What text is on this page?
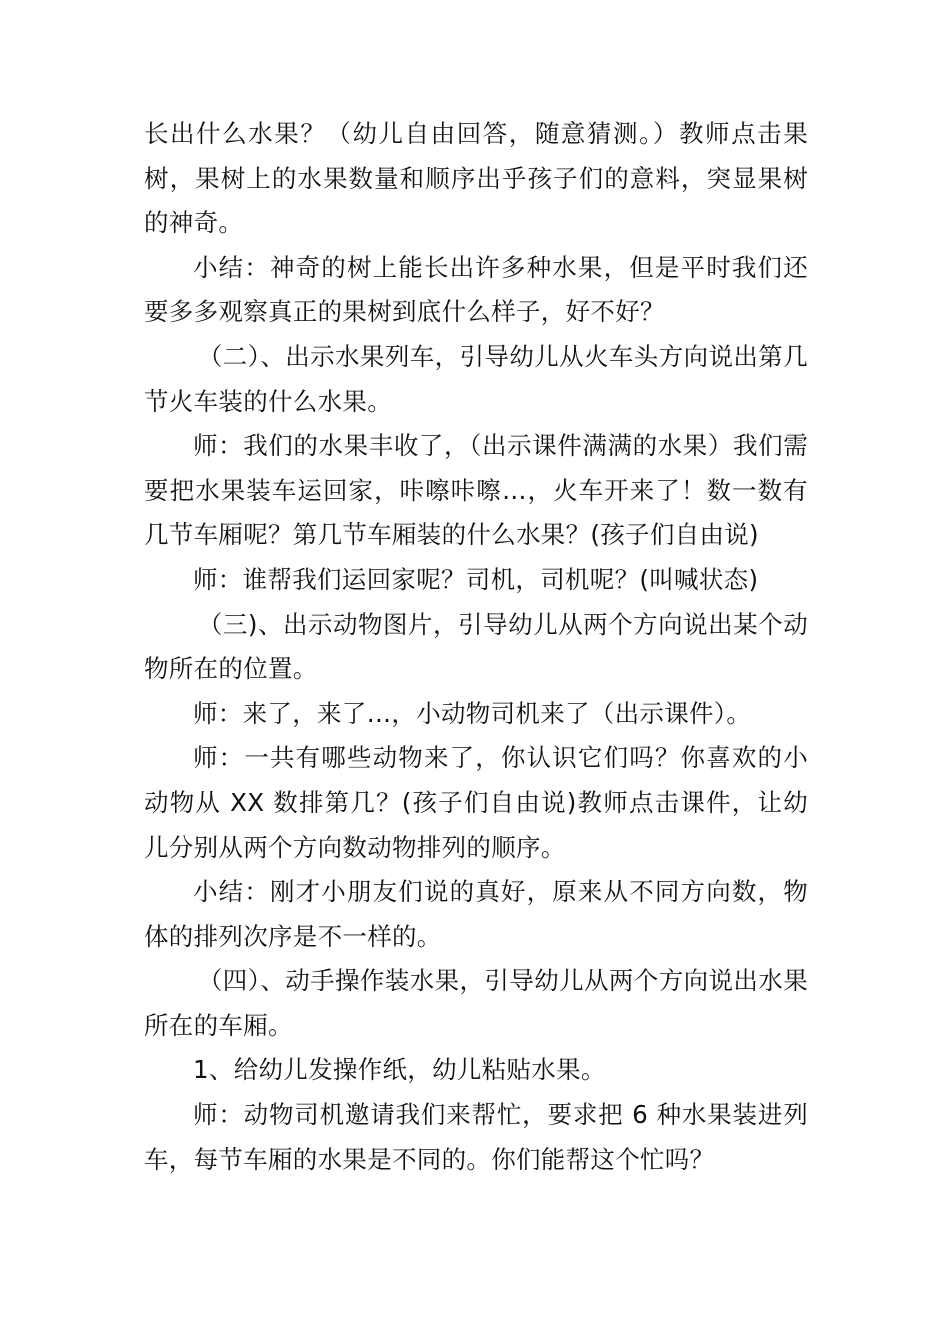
长出什么水果？（幼儿自由回答，随意猜测。）教师点击果树，果树上的水果数量和顺序出乎孩子们的意料，突显果树的神奇。

小结：神奇的树上能长出许多种水果，但是平时我们还要多多观察真正的果树到底什么样子，好不好？

（二）、出示水果列车，引导幼儿从火车头方向说出第几节火车装的什么水果。

师：我们的水果丰收了，（出示课件满满的水果）我们需要把水果装车运回家，咔嚓咔嚓…，火车开来了！数一数有几节车厢呢？第几节车厢装的什么水果？(孩子们自由说)

师：谁帮我们运回家呢？司机，司机呢？(叫喊状态)

（三)、出示动物图片，引导幼儿从两个方向说出某个动物所在的位置。

师：来了，来了…，小动物司机来了（出示课件）。

师：一共有哪些动物来了，你认识它们吗？你喜欢的小动物从 XX 数排第几？(孩子们自由说)教师点击课件，让幼儿分别从两个方向数动物排列的顺序。

小结：刚才小朋友们说的真好，原来从不同方向数，物体的排列次序是不一样的。

（四）、动手操作装水果，引导幼儿从两个方向说出水果所在的车厢。

1、给幼儿发操作纸，幼儿粘贴水果。

师：动物司机邀请我们来帮忙，要求把 6 种水果装进列车，每节车厢的水果是不同的。你们能帮这个忙吗？
